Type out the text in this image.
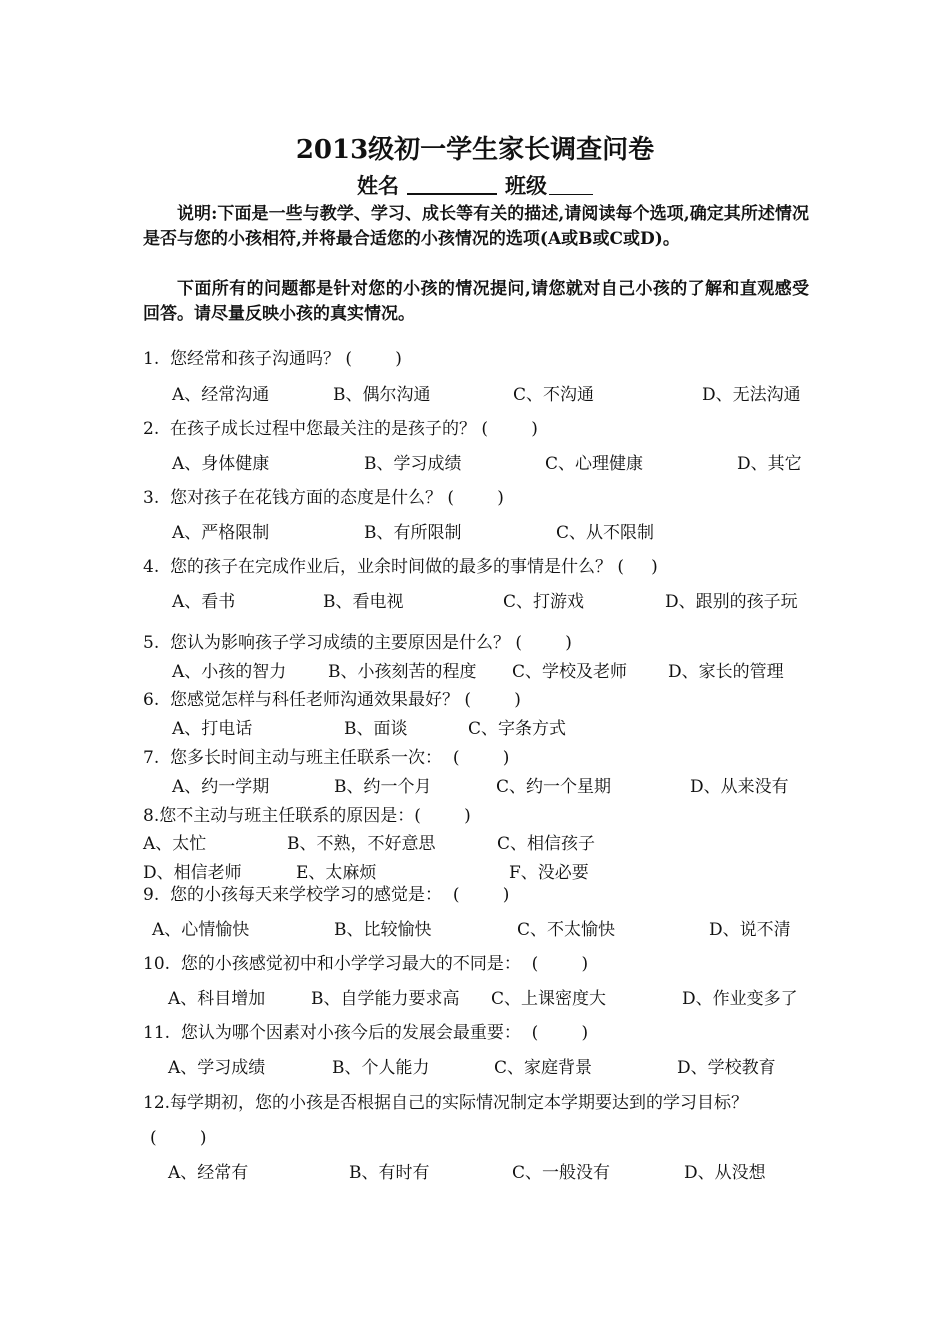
2013级初一学生家长调查问卷
姓名	班级
说明:下面是一些与教学、学习、成长等有关的描述,请阅读每个选项,确定其所述情况是否与您的小孩相符,并将最合适您的小孩情况的选项(A或B或C或D)。
下面所有的问题都是针对您的小孩的情况提问,请您就对自己小孩的了解和直观感受回答。请尽量反映小孩的真实情况。
1.  您经常和孩子沟通吗？ (        )
A、经常沟通	B、偶尔沟通	C、不沟通	D、无法沟通
2.  在孩子成长过程中您最关注的是孩子的？ (        )
A、身体健康	B、学习成绩	C、心理健康	D、其它
3.  您对孩子在花钱方面的态度是什么？ (        )
A、严格限制	B、有所限制	C、从不限制
4.  您的孩子在完成作业后，业余时间做的最多的事情是什么？ (     )
A、看书	B、看电视	C、打游戏	D、跟别的孩子玩
5.  您认为影响孩子学习成绩的主要原因是什么？ (        )
A、小孩的智力 B、小孩刻苦的程度 C、学校及老师 D、家长的管理
6.  您感觉怎样与科任老师沟通效果最好？ (        )
A、打电话	B、面谈	C、字条方式
7.  您多长时间主动与班主任联系一次：  (        )
A、约一学期	B、约一个月	C、约一个星期	D、从来没有
8.您不主动与班主任联系的原因是：(        )
A、太忙	B、不熟，不好意思	C、相信孩子
D、相信老师	E、太麻烦	F、没必要
9.  您的小孩每天来学校学习的感觉是：  (        )
A、心情愉快	B、比较愉快	C、不太愉快	D、说不清
10.  您的小孩感觉初中和小学学习最大的不同是：  (        )
A、科目增加	B、自学能力要求高 C、上课密度大	D、作业变多了
11.  您认为哪个因素对小孩今后的发展会最重要：  (        )
A、学习成绩	B、个人能力	C、家庭背景	D、学校教育
12.每学期初，您的小孩是否根据自己的实际情况制定本学期要达到的学习目标？
(        )
A、经常有	B、有时有	C、一般没有	D、从没想
